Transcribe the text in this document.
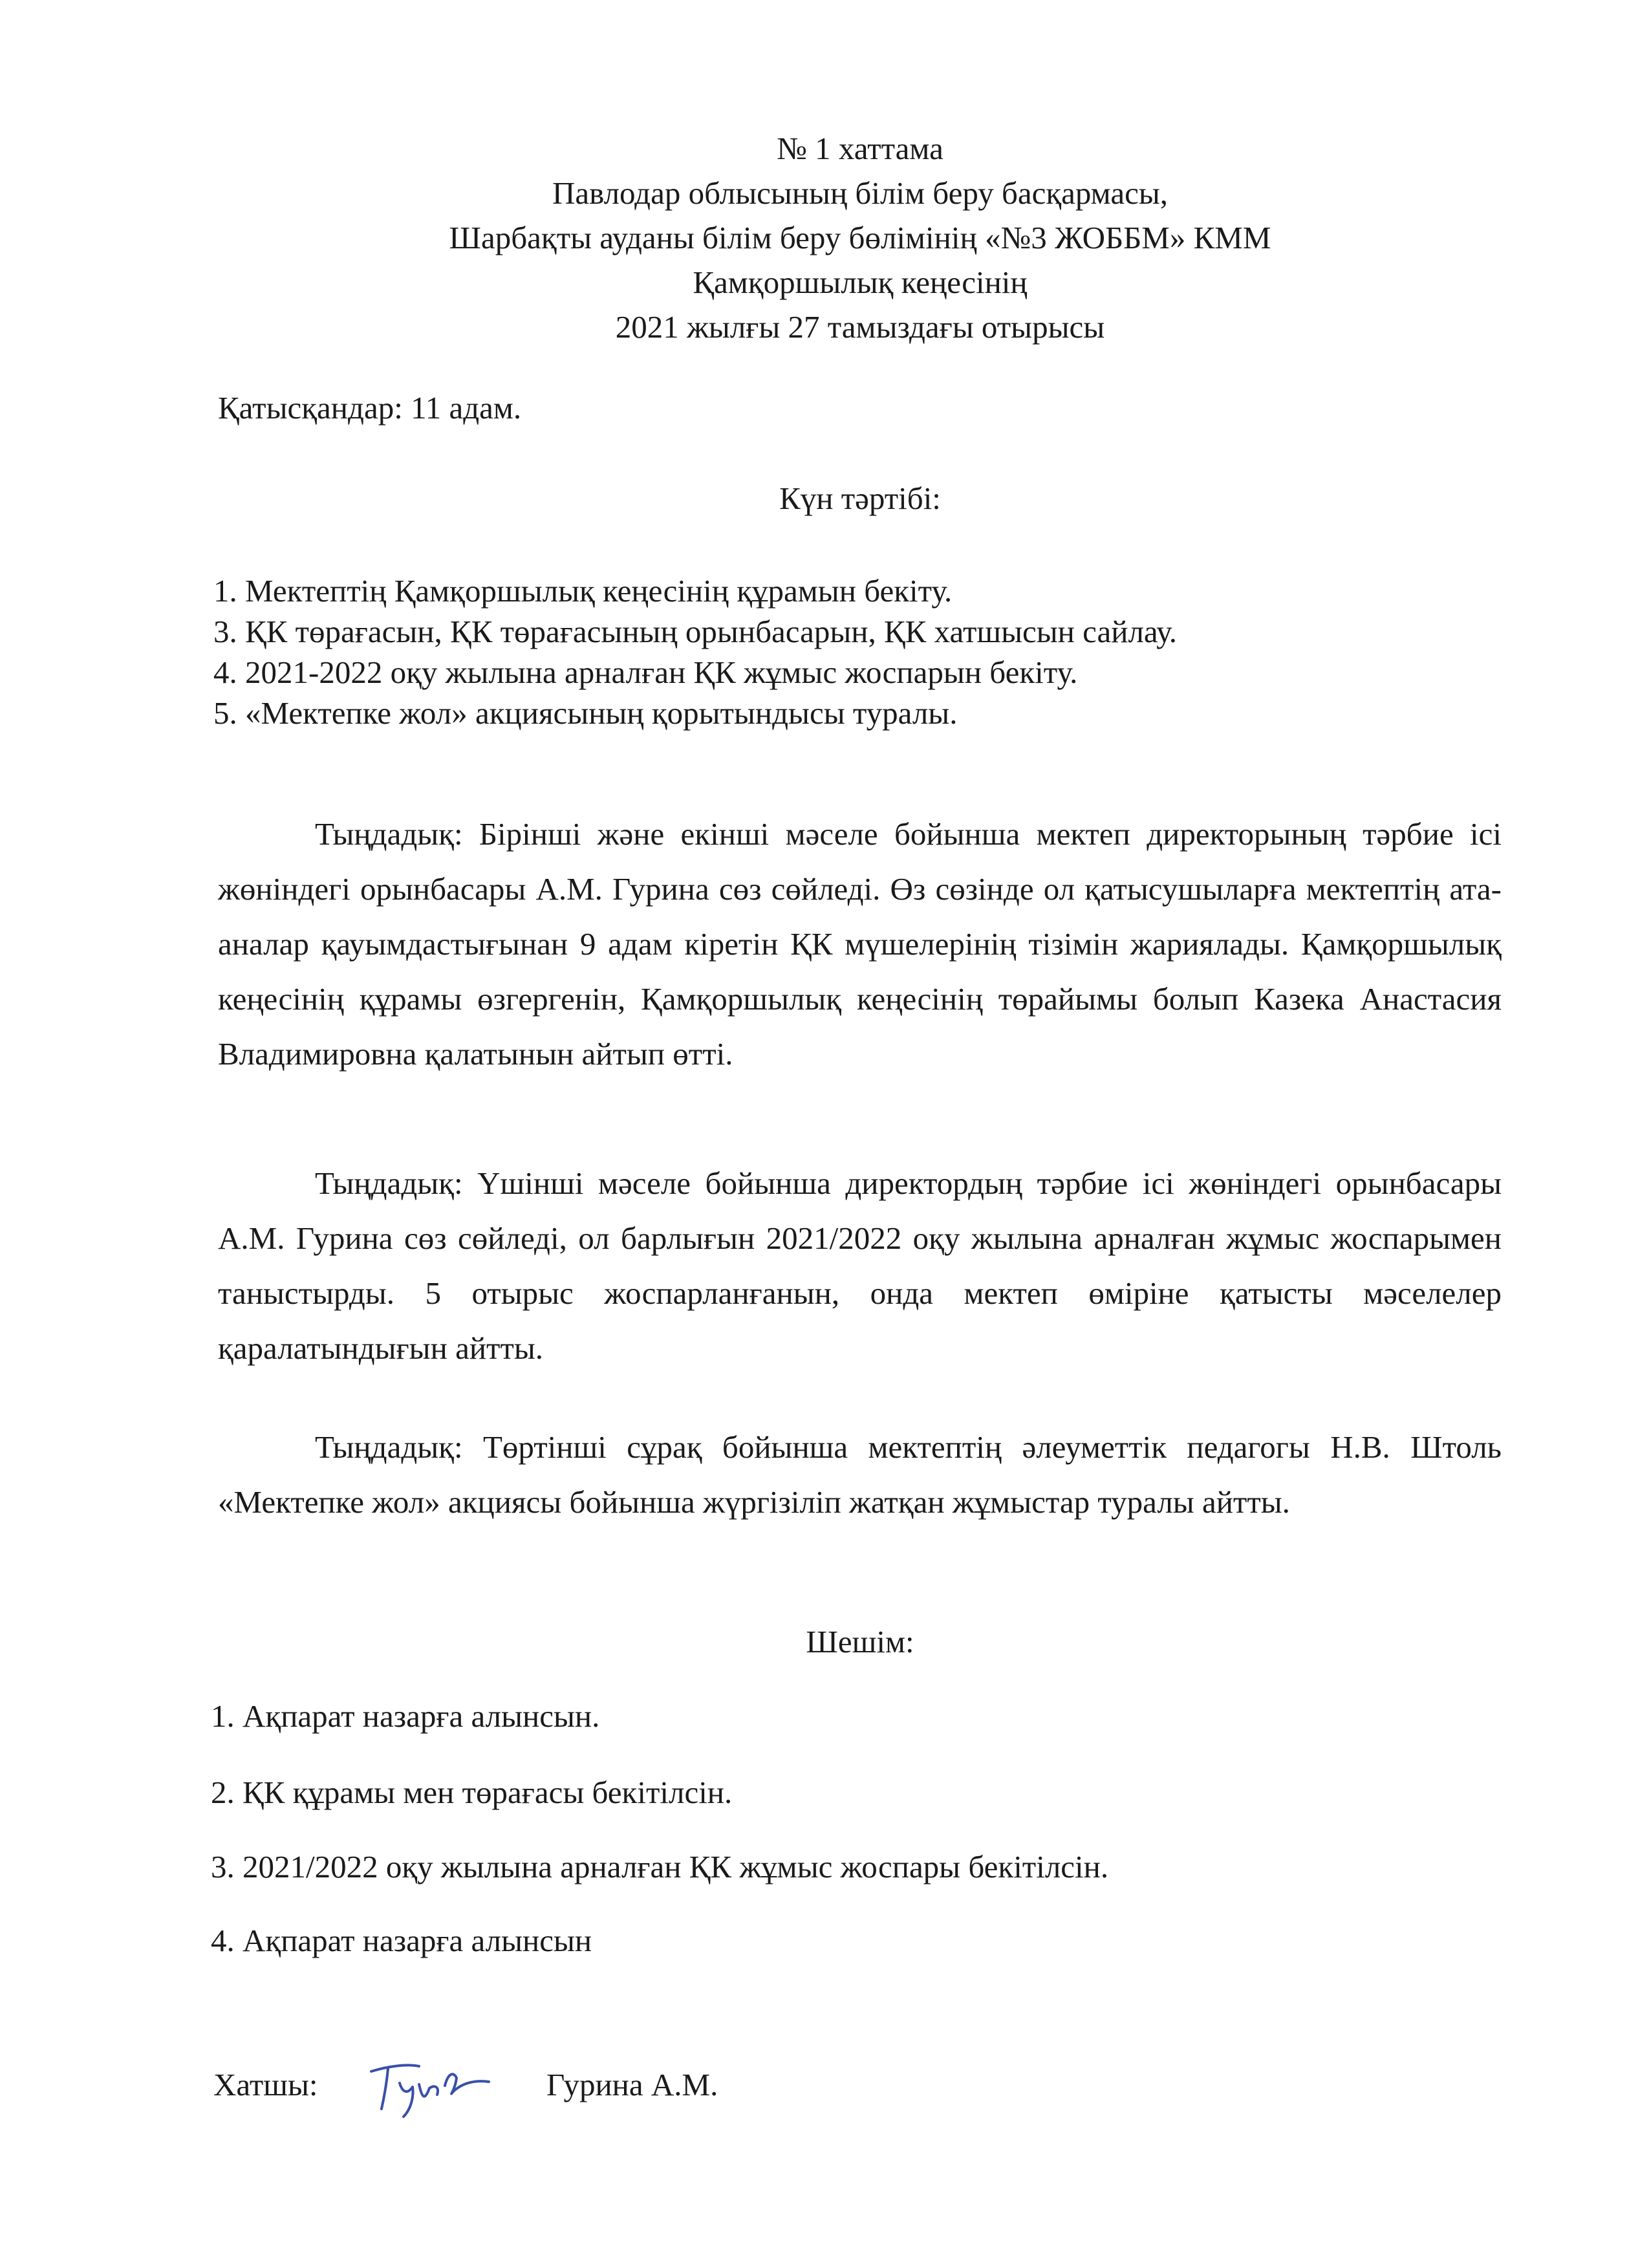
№ 1 хаттама
Павлодар облысының білім беру басқармасы,
Шарбақты ауданы білім беру бөлімінің «№3 ЖОББМ» КММ
Қамқоршылық кеңесінің
2021 жылғы 27 тамыздағы отырысы
Қатысқандар: 11 адам.
Күн тәртібі:
1. Мектептің Қамқоршылық кеңесінің құрамын бекіту.
3. ҚК төрағасын, ҚК төрағасының орынбасарын, ҚК хатшысын сайлау.
4. 2021-2022 оқу жылына арналған ҚК жұмыс жоспарын бекіту.
5. «Мектепке жол» акциясының қорытындысы туралы.
Тыңдадық: Бірінші және екінші мәселе бойынша мектеп директорының тәрбие ісі жөніндегі орынбасары А.М. Гурина сөз сөйледі. Өз сөзінде ол қатысушыларға мектептің ата-аналар қауымдастығынан 9 адам кіретін ҚК мүшелерінің тізімін жариялады. Қамқоршылық кеңесінің құрамы өзгергенін, Қамқоршылық кеңесінің төрайымы болып Казека Анастасия Владимировна қалатынын айтып өтті.
Тыңдадық: Үшінші мәселе бойынша директордың тәрбие ісі жөніндегі орынбасары А.М. Гурина сөз сөйледі, ол барлығын 2021/2022 оқу жылына арналған жұмыс жоспарымен таныстырды. 5 отырыс жоспарланғанын, онда мектеп өміріне қатысты мәселелер қаралатындығын айтты.
Тыңдадық: Төртінші сұрақ бойынша мектептің әлеуметтік педагогы Н.В. Штоль «Мектепке жол» акциясы бойынша жүргізіліп жатқан жұмыстар туралы айтты.
Шешім:
1. Ақпарат назарға алынсын.
2. ҚК құрамы мен төрағасы бекітілсін.
3. 2021/2022 оқу жылына арналған ҚК жұмыс жоспары бекітілсін.
4. Ақпарат назарға алынсын
Хатшы:	Гурина А.М.
